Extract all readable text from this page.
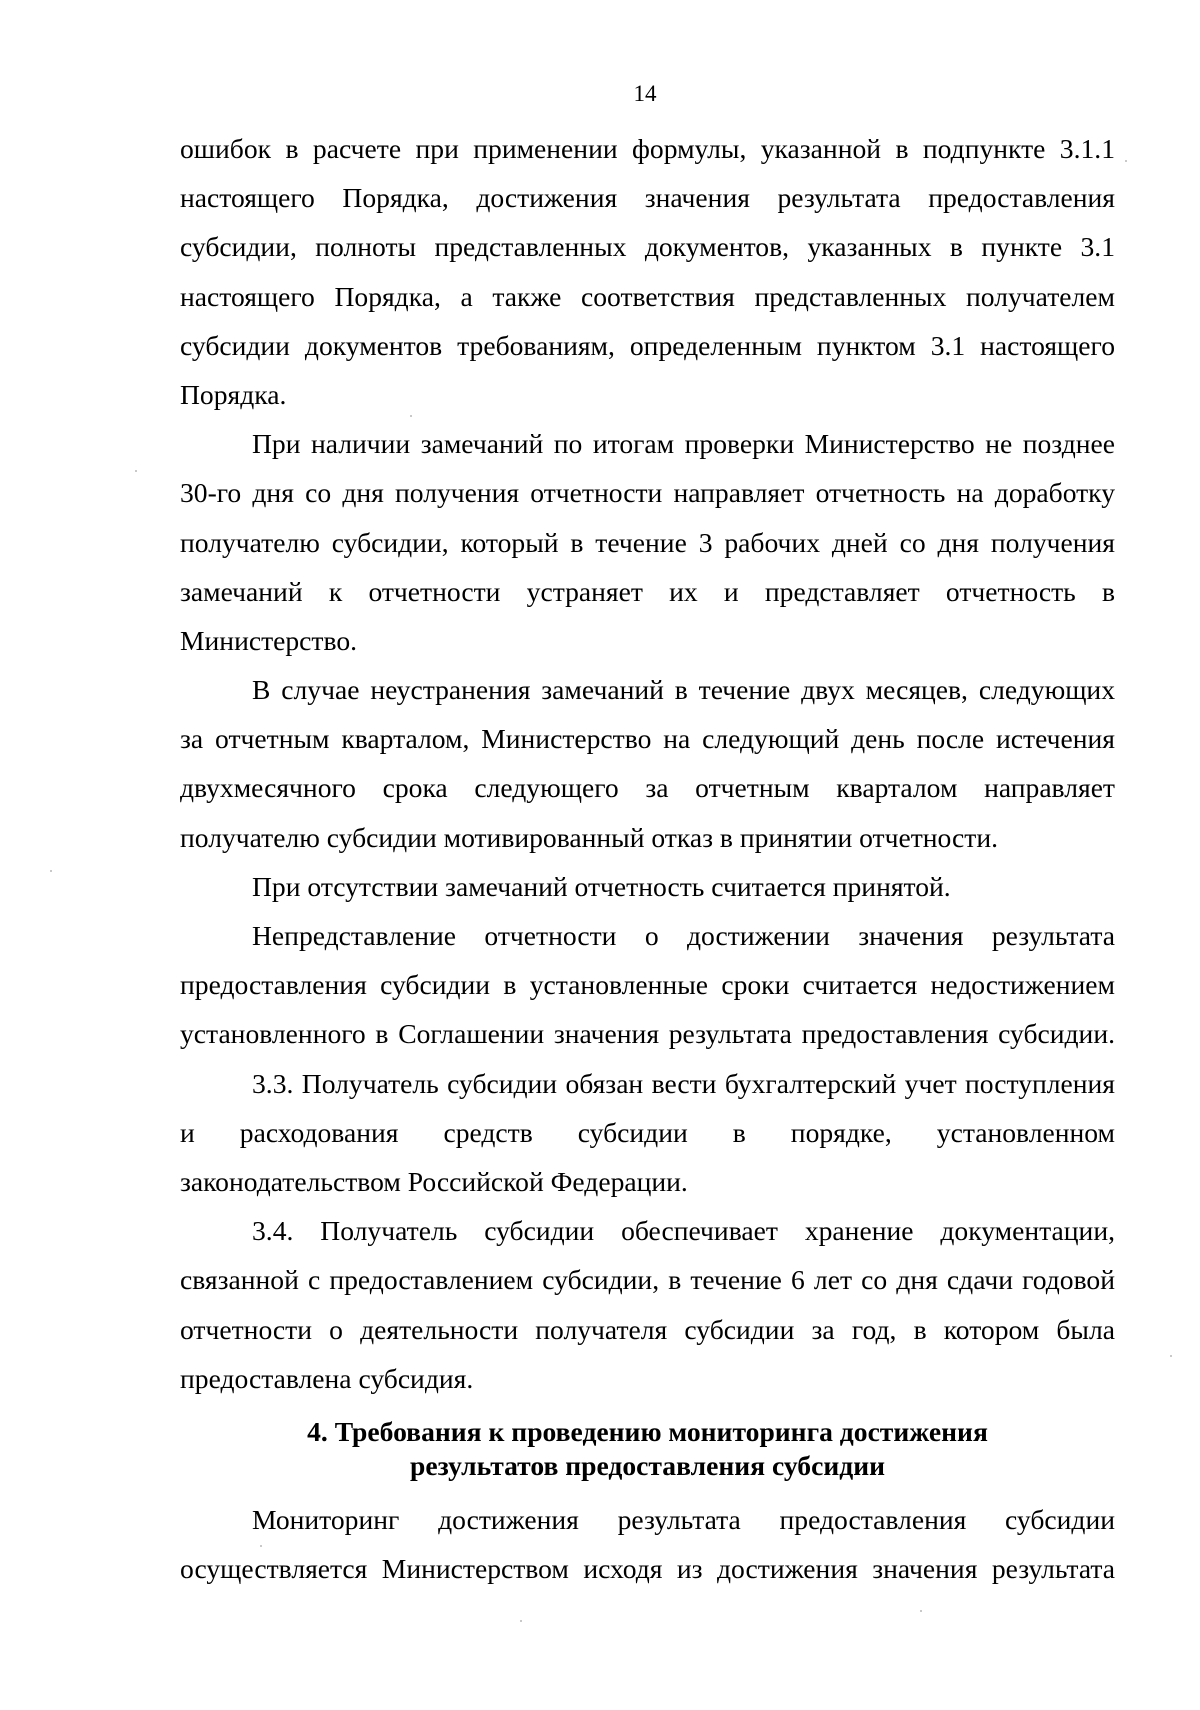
14
ошибок в расчете при применении формулы, указанной в подпункте 3.1.1
настоящего Порядка, достижения значения результата предоставления
субсидии, полноты представленных документов, указанных в пункте 3.1
настоящего Порядка, а также соответствия представленных получателем
субсидии документов требованиям, определенным пунктом 3.1 настоящего
Порядка.
При наличии замечаний по итогам проверки Министерство не позднее
30-го дня со дня получения отчетности направляет отчетность на доработку
получателю субсидии, который в течение 3 рабочих дней со дня получения
замечаний к отчетности устраняет их и представляет отчетность в
Министерство.
В случае неустранения замечаний в течение двух месяцев, следующих
за отчетным кварталом, Министерство на следующий день после истечения
двухмесячного срока следующего за отчетным кварталом направляет
получателю субсидии мотивированный отказ в принятии отчетности.
При отсутствии замечаний отчетность считается принятой.
Непредставление отчетности о достижении значения результата
предоставления субсидии в установленные сроки считается недостижением
установленного в Соглашении значения результата предоставления субсидии.
3.3. Получатель субсидии обязан вести бухгалтерский учет поступления
и расходования средств субсидии в порядке, установленном
законодательством Российской Федерации.
3.4. Получатель субсидии обеспечивает хранение документации,
связанной с предоставлением субсидии, в течение 6 лет со дня сдачи годовой
отчетности о деятельности получателя субсидии за год, в котором была
предоставлена субсидия.
4. Требования к проведению мониторинга достижения
результатов предоставления субсидии
Мониторинг достижения результата предоставления субсидии
осуществляется Министерством исходя из достижения значения результата
